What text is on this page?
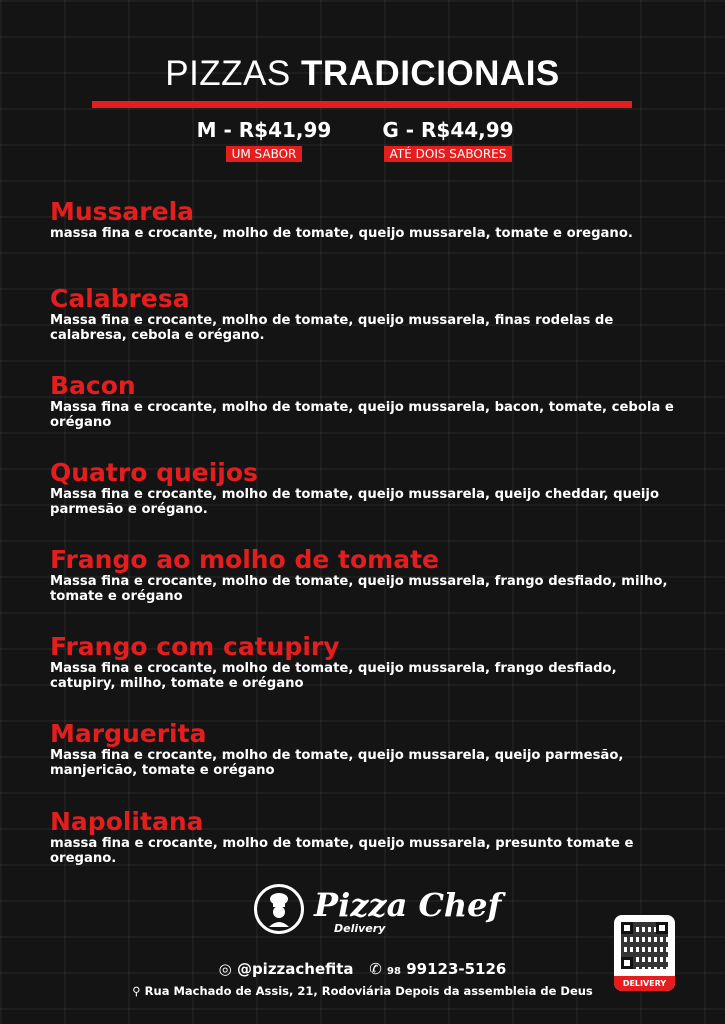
PIZZAS TRADICIONAIS
M - R$41,99
UM SABOR
G - R$44,99
ATÉ DOIS SABORES
Mussarela
massa fina e crocante, molho de tomate, queijo mussarela, tomate e oregano.
Calabresa
Massa fina e crocante, molho de tomate, queijo mussarela, finas rodelas de calabresa, cebola e orégano.
Bacon
Massa fina e crocante, molho de tomate, queijo mussarela, bacon, tomate, cebola e orégano
Quatro queijos
Massa fina e crocante, molho de tomate, queijo mussarela, queijo cheddar, queijo parmesão e orégano.
Frango ao molho de tomate
Massa fina e crocante, molho de tomate, queijo mussarela, frango desfiado, milho, tomate e orégano
Frango com catupiry
Massa fina e crocante, molho de tomate, queijo mussarela, frango desfiado, catupiry, milho, tomate e orégano
Marguerita
Massa fina e crocante, molho de tomate, queijo mussarela, queijo parmesão, manjericão, tomate e orégano
Napolitana
massa fina e crocante, molho de tomate, queijo mussarela, presunto tomate e oregano.
Pizza Chef
Delivery
◎ @pizzachefita ✆ 98 99123-5126
⚲ Rua Machado de Assis, 21, Rodoviária Depois da assembleia de Deus
DELIVERY
